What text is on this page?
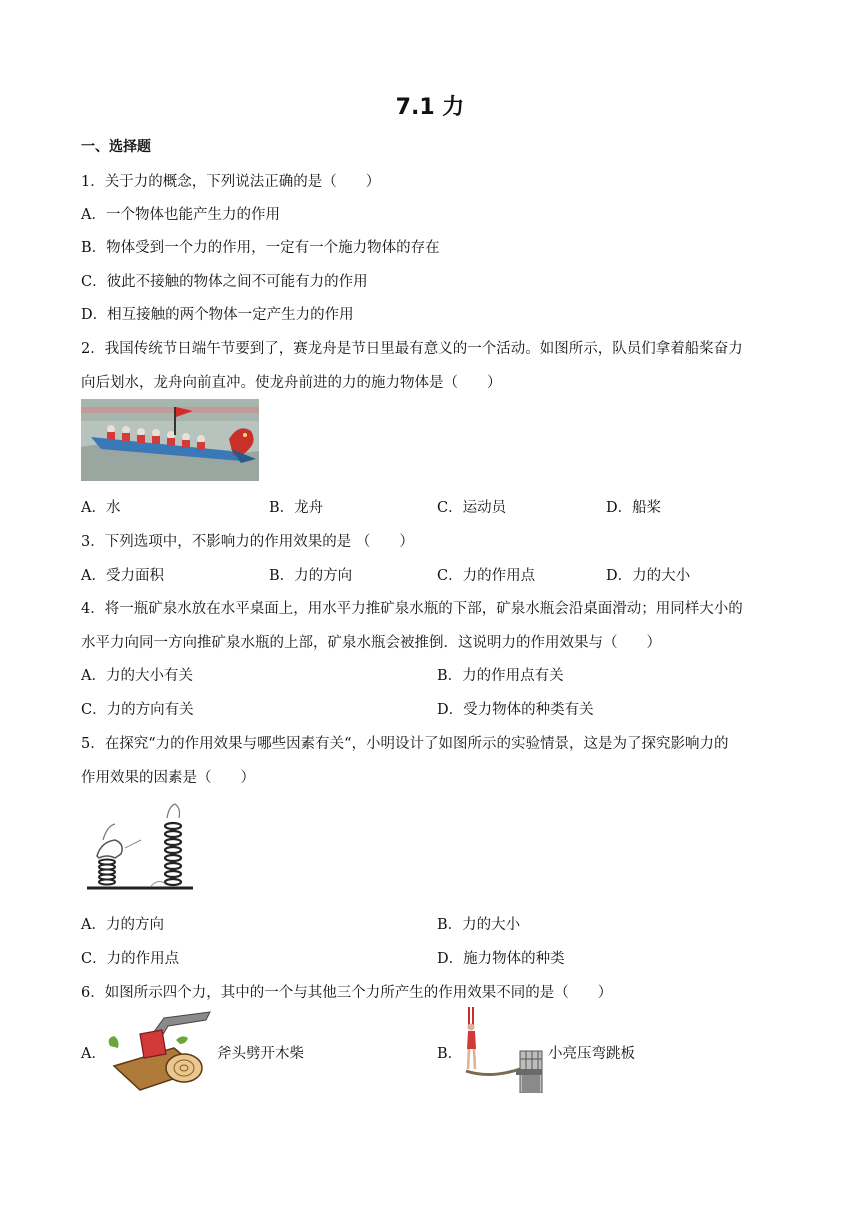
7.1 力
一、选择题
1．关于力的概念，下列说法正确的是（　　）
A．一个物体也能产生力的作用
B．物体受到一个力的作用，一定有一个施力物体的存在
C．彼此不接触的物体之间不可能有力的作用
D．相互接触的两个物体一定产生力的作用
2．我国传统节日端午节要到了，赛龙舟是节日里最有意义的一个活动。如图所示，队员们拿着船桨奋力
向后划水，龙舟向前直冲。使龙舟前进的力的施力物体是（　　）
A．水	B．龙舟	C．运动员	D．船桨
3．下列选项中，不影响力的作用效果的是 （　　）
A．受力面积	B．力的方向	C．力的作用点	D．力的大小
4．将一瓶矿泉水放在水平桌面上，用水平力推矿泉水瓶的下部，矿泉水瓶会沿桌面滑动；用同样大小的
水平力向同一方向推矿泉水瓶的上部，矿泉水瓶会被推倒．这说明力的作用效果与（　　）
A．力的大小有关	B．力的作用点有关
C．力的方向有关	D．受力物体的种类有关
5．在探究“力的作用效果与哪些因素有关“，小明设计了如图所示的实验情景，这是为了探究影响力的
作用效果的因素是（　　）
A．力的方向	B．力的大小
C．力的作用点	D．施力物体的种类
6．如图所示四个力，其中的一个与其他三个力所产生的作用效果不同的是（　　）
A．	斧头劈开木柴	B．	小亮压弯跳板
